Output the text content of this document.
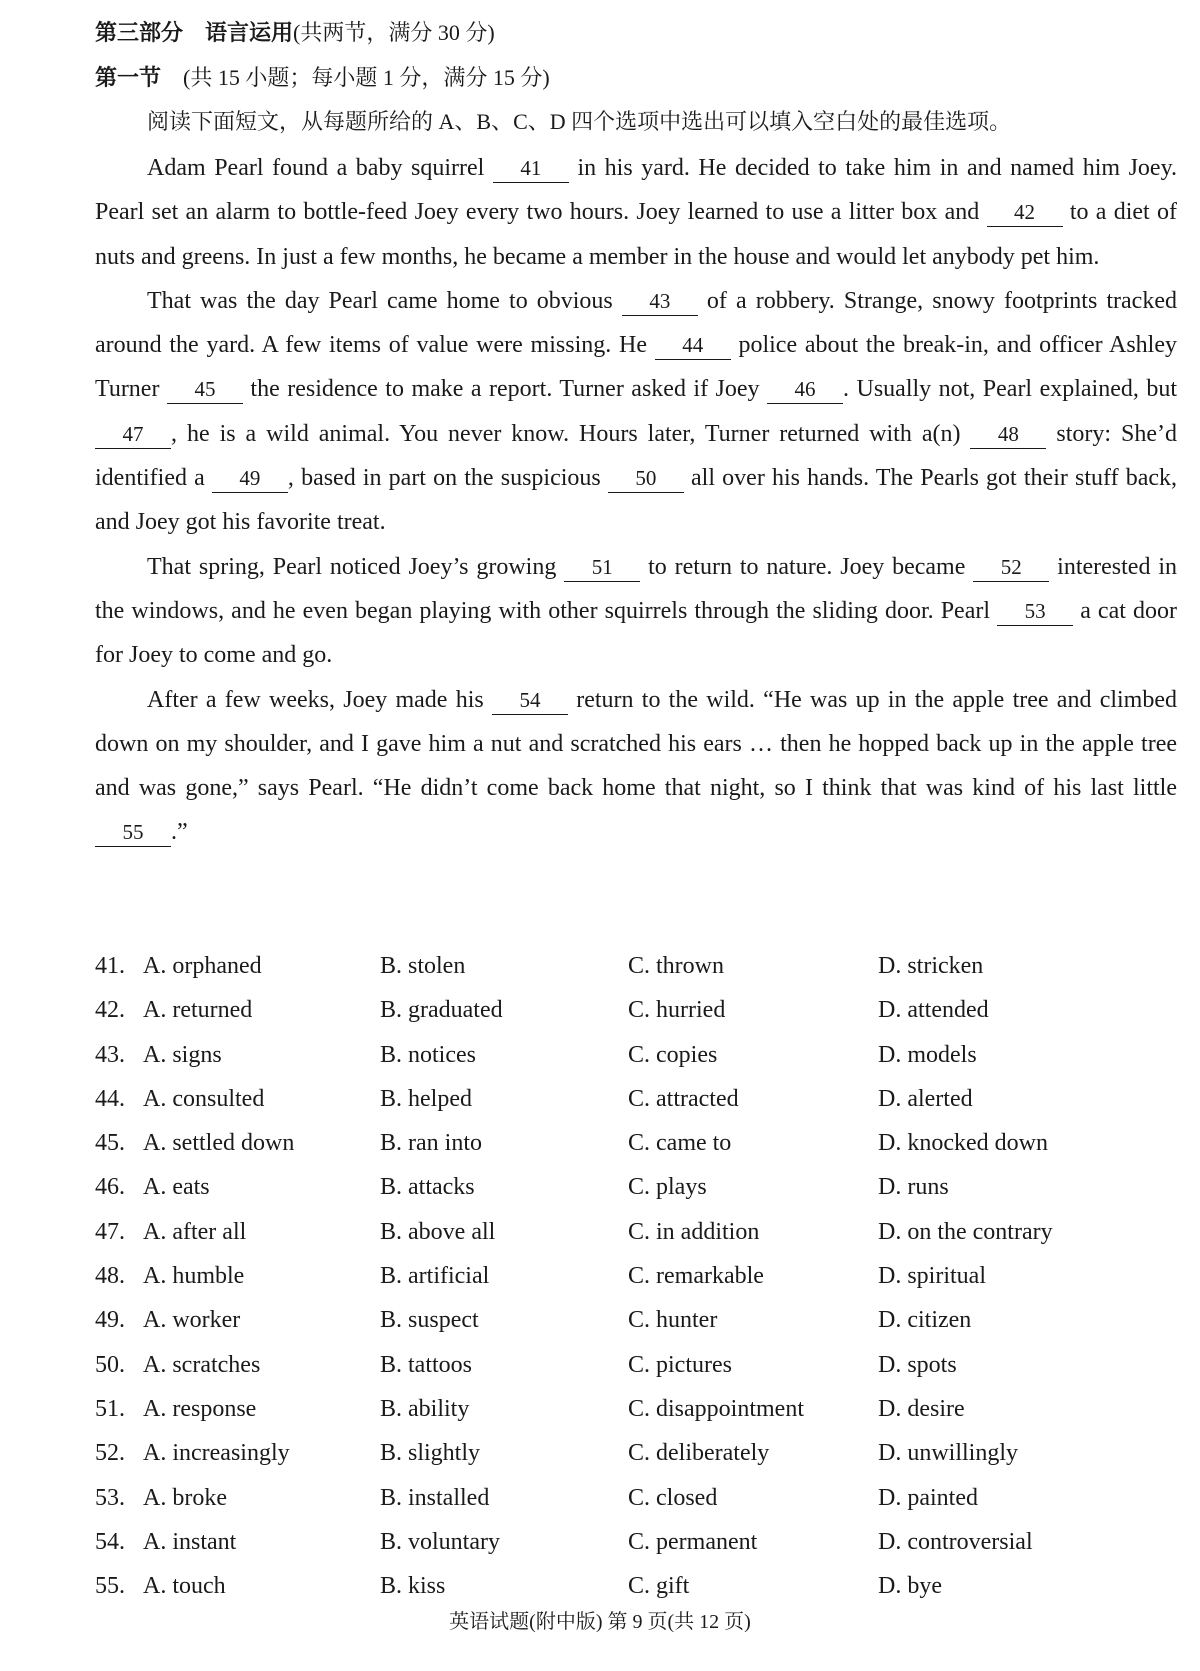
第三部分　语言运用(共两节，满分 30 分)
第一节　(共 15 小题；每小题 1 分，满分 15 分)
阅读下面短文，从每题所给的 A、B、C、D 四个选项中选出可以填入空白处的最佳选项。

Adam Pearl found a baby squirrel 41 in his yard. He decided to take him in and named him Joey. Pearl set an alarm to bottle-feed Joey every two hours. Joey learned to use a litter box and 42 to a diet of nuts and greens. In just a few months, he became a member in the house and would let anybody pet him.

That was the day Pearl came home to obvious 43 of a robbery. Strange, snowy footprints tracked around the yard. A few items of value were missing. He 44 police about the break-in, and officer Ashley Turner 45 the residence to make a report. Turner asked if Joey 46 . Usually not, Pearl explained, but 47 , he is a wild animal. You never know. Hours later, Turner returned with a(n) 48 story: She’d identified a 49 , based in part on the suspicious 50 all over his hands. The Pearls got their stuff back, and Joey got his favorite treat.

That spring, Pearl noticed Joey’s growing 51 to return to nature. Joey became 52 interested in the windows, and he even began playing with other squirrels through the sliding door. Pearl 53 a cat door for Joey to come and go.

After a few weeks, Joey made his 54 return to the wild. “He was up in the apple tree and climbed down on my shoulder, and I gave him a nut and scratched his ears … then he hopped back up in the apple tree and was gone,” says Pearl. “He didn’t come back home that night, so I think that was kind of his last little 55 .”

41. A. orphaned	B. stolen	C. thrown	D. stricken
42. A. returned	B. graduated	C. hurried	D. attended
43. A. signs	B. notices	C. copies	D. models
44. A. consulted	B. helped	C. attracted	D. alerted
45. A. settled down	B. ran into	C. came to	D. knocked down
46. A. eats	B. attacks	C. plays	D. runs
47. A. after all	B. above all	C. in addition	D. on the contrary
48. A. humble	B. artificial	C. remarkable	D. spiritual
49. A. worker	B. suspect	C. hunter	D. citizen
50. A. scratches	B. tattoos	C. pictures	D. spots
51. A. response	B. ability	C. disappointment	D. desire
52. A. increasingly	B. slightly	C. deliberately	D. unwillingly
53. A. broke	B. installed	C. closed	D. painted
54. A. instant	B. voluntary	C. permanent	D. controversial
55. A. touch	B. kiss	C. gift	D. bye
英语试题(附中版) 第 9 页(共 12 页)
